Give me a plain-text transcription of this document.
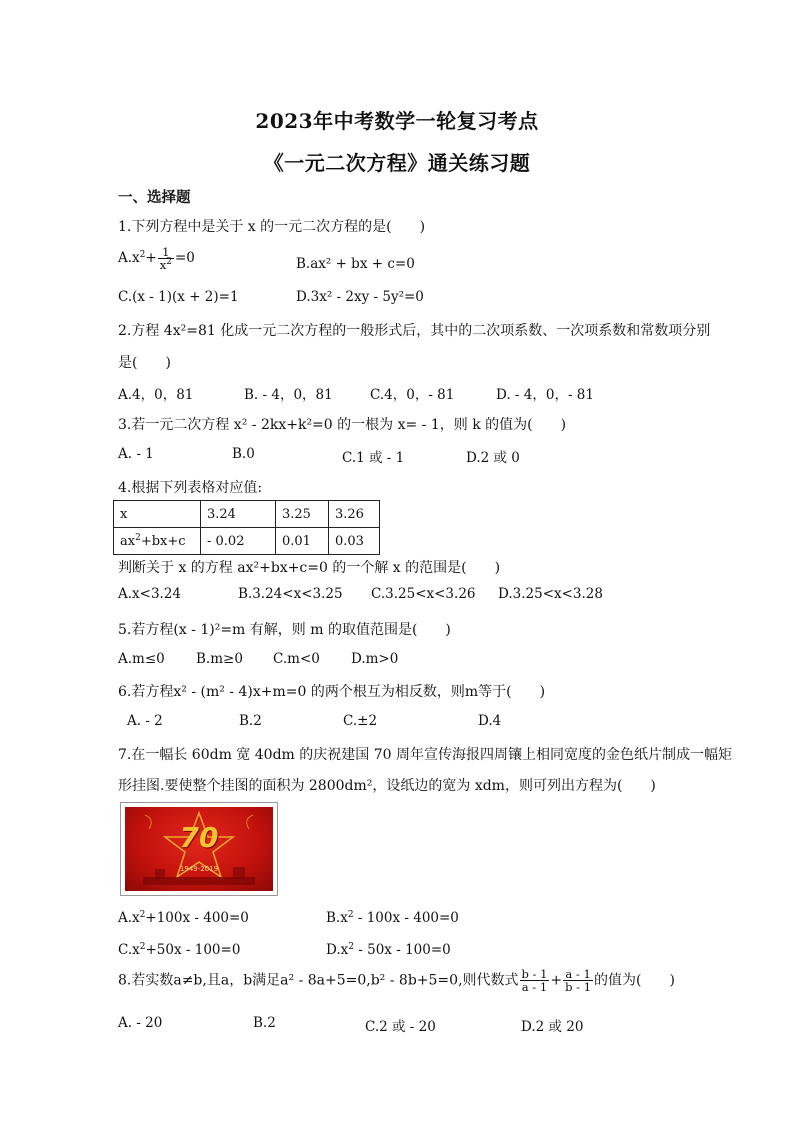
2023年中考数学一轮复习考点
《一元二次方程》通关练习题
一、选择题
1.下列方程中是关于 x 的一元二次方程的是(　　)
$A.x^2+ \frac{1}{x^2} =0$	B.ax² + bx + c=0
C.(x - 1)(x + 2)=1	D.3x² - 2xy - 5y²=0
2.方程 4x²=81 化成一元二次方程的一般形式后，其中的二次项系数、一次项系数和常数项分别
是(　　)
A.4，0，81	B. - 4，0，81	C.4，0，- 81	D. - 4，0，- 81
3.若一元二次方程 x² - 2kx+k²=0 的一根为 x= - 1，则 k 的值为(　　)
A. - 1	B.0	C.1 或 - 1	D.2 或 0
4.根据下列表格对应值:
x	3.24	3.25	3.26
$ax^2+bx+c$	- 0.02	0.01	0.03
判断关于 x 的方程 ax²+bx+c=0 的一个解 x 的范围是(　　)
A.x<3.24	B.3.24<x<3.25 C.3.25<x<3.26 D.3.25<x<3.28
5.若方程(x - 1)²=m 有解，则 m 的取值范围是(　　)
A.m≤0 B.m≥0 C.m<0 D.m>0
6.若方程x² - (m² - 4)x+m=0 的两个根互为相反数，则m等于(　　)
A. - 2	B.2	C.±2	D.4
7.在一幅长 60dm 宽 40dm 的庆祝建国 70 周年宣传海报四周镶上相同宽度的金色纸片制成一幅矩
形挂图.要使整个挂图的面积为 2800dm²，设纸边的宽为 xdm，则可列出方程为(　　)
70
1949-2019
$A.x^2+100x - 400=0$	$B.x^2 - 100x - 400=0$
$C.x^2+50x - 100=0$	$D.x^2 - 50x - 100=0$
8.若实数a≠b,且a，b满足a² - 8a+5=0,b² - 8b+5=0,则代数式 $\frac{b - 1}{a - 1} + \frac{a - 1}{b - 1}$ 的值为(　　)
A. - 20	B.2	C.2 或 - 20	D.2 或 20
